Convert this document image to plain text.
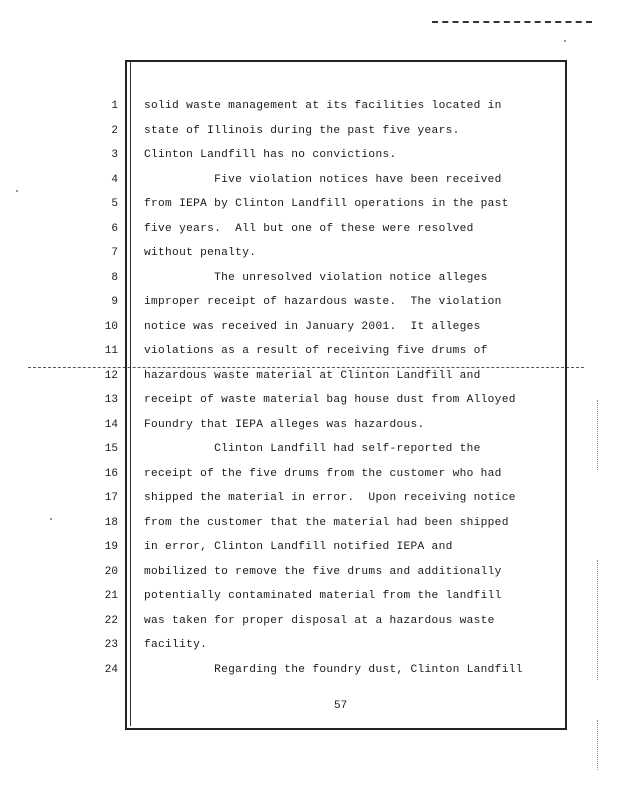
1 solid waste management at its facilities located in
2 state of Illinois during the past five years.
3 Clinton Landfill has no convictions.
4 Five violation notices have been received
5 from IEPA by Clinton Landfill operations in the past
6 five years.  All but one of these were resolved
7 without penalty.
8 The unresolved violation notice alleges
9 improper receipt of hazardous waste.  The violation
10 notice was received in January 2001.  It alleges
11 violations as a result of receiving five drums of
12 hazardous waste material at Clinton Landfill and
13 receipt of waste material bag house dust from Alloyed
14 Foundry that IEPA alleges was hazardous.
15 Clinton Landfill had self-reported the
16 receipt of the five drums from the customer who had
17 shipped the material in error.  Upon receiving notice
18 from the customer that the material had been shipped
19 in error, Clinton Landfill notified IEPA and
20 mobilized to remove the five drums and additionally
21 potentially contaminated material from the landfill
22 was taken for proper disposal at a hazardous waste
23 facility.
24 Regarding the foundry dust, Clinton Landfill
57
